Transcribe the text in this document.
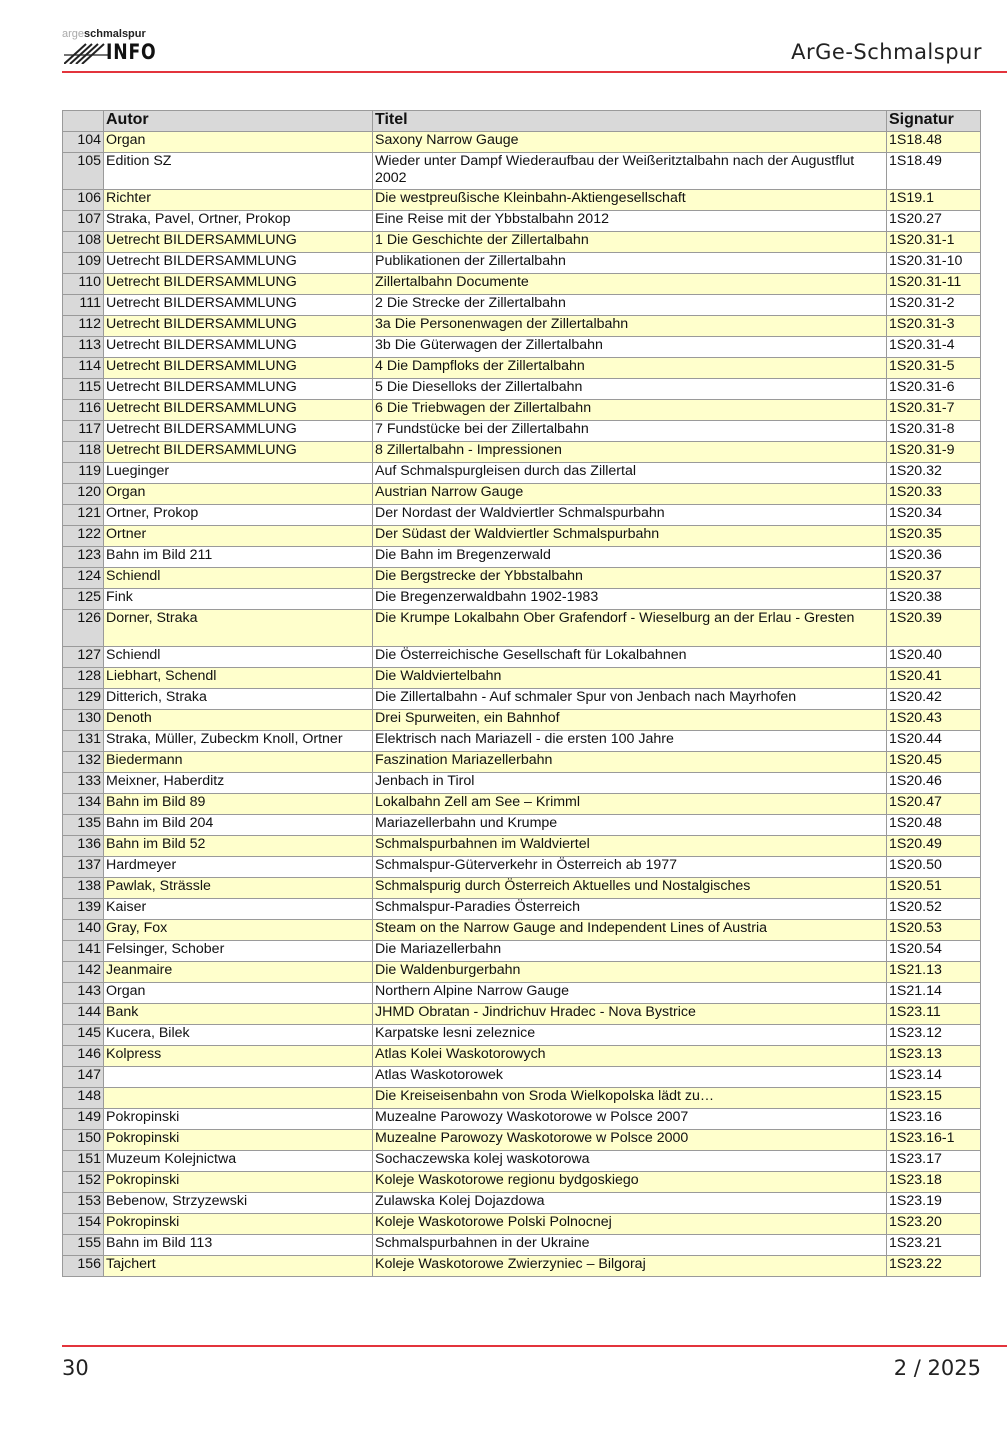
argeschmalspur
INFO	ArGe-Schmalspur
	Autor	Titel	Signatur
104	Organ	Saxony Narrow Gauge	1S18.48
105	Edition SZ	Wieder unter Dampf Wiederaufbau der Weißeritztalbahn nach der Augustflut 2002	1S18.49
106	Richter	Die westpreußische Kleinbahn-Aktiengesellschaft	1S19.1
107	Straka, Pavel, Ortner, Prokop	Eine Reise mit der Ybbstalbahn 2012	1S20.27
108	Uetrecht BILDERSAMMLUNG	1 Die Geschichte der Zillertalbahn	1S20.31-1
109	Uetrecht BILDERSAMMLUNG	Publikationen der Zillertalbahn	1S20.31-10
110	Uetrecht BILDERSAMMLUNG	Zillertalbahn Documente	1S20.31-11
111	Uetrecht BILDERSAMMLUNG	2 Die Strecke der Zillertalbahn	1S20.31-2
112	Uetrecht BILDERSAMMLUNG	3a Die Personenwagen der Zillertalbahn	1S20.31-3
113	Uetrecht BILDERSAMMLUNG	3b Die Güterwagen der Zillertalbahn	1S20.31-4
114	Uetrecht BILDERSAMMLUNG	4 Die Dampfloks der Zillertalbahn	1S20.31-5
115	Uetrecht BILDERSAMMLUNG	5 Die Dieselloks der Zillertalbahn	1S20.31-6
116	Uetrecht BILDERSAMMLUNG	6 Die Triebwagen der Zillertalbahn	1S20.31-7
117	Uetrecht BILDERSAMMLUNG	7 Fundstücke bei der Zillertalbahn	1S20.31-8
118	Uetrecht BILDERSAMMLUNG	8 Zillertalbahn - Impressionen	1S20.31-9
119	Lueginger	Auf Schmalspurgleisen durch das Zillertal	1S20.32
120	Organ	Austrian Narrow Gauge	1S20.33
121	Ortner, Prokop	Der Nordast der Waldviertler Schmalspurbahn	1S20.34
122	Ortner	Der Südast der Waldviertler Schmalspurbahn	1S20.35
123	Bahn im Bild 211	Die Bahn im Bregenzerwald	1S20.36
124	Schiendl	Die Bergstrecke der Ybbstalbahn	1S20.37
125	Fink	Die Bregenzerwaldbahn 1902-1983	1S20.38
126	Dorner, Straka	Die Krumpe Lokalbahn Ober Grafendorf - Wieselburg an der Erlau - Gresten	1S20.39
127	Schiendl	Die Österreichische Gesellschaft für Lokalbahnen	1S20.40
128	Liebhart, Schendl	Die Waldviertelbahn	1S20.41
129	Ditterich, Straka	Die Zillertalbahn - Auf schmaler Spur von Jenbach nach Mayrhofen	1S20.42
130	Denoth	Drei Spurweiten, ein Bahnhof	1S20.43
131	Straka, Müller, Zubeckm Knoll, Ortner	Elektrisch nach Mariazell - die ersten 100 Jahre	1S20.44
132	Biedermann	Faszination Mariazellerbahn	1S20.45
133	Meixner, Haberditz	Jenbach in Tirol	1S20.46
134	Bahn im Bild 89	Lokalbahn Zell am See – Krimml	1S20.47
135	Bahn im Bild 204	Mariazellerbahn und Krumpe	1S20.48
136	Bahn im Bild 52	Schmalspurbahnen im Waldviertel	1S20.49
137	Hardmeyer	Schmalspur-Güterverkehr in Österreich ab 1977	1S20.50
138	Pawlak, Strässle	Schmalspurig durch Österreich Aktuelles und Nostalgisches	1S20.51
139	Kaiser	Schmalspur-Paradies Österreich	1S20.52
140	Gray, Fox	Steam on the Narrow Gauge and Independent Lines of Austria	1S20.53
141	Felsinger, Schober	Die Mariazellerbahn	1S20.54
142	Jeanmaire	Die Waldenburgerbahn	1S21.13
143	Organ	Northern Alpine Narrow Gauge	1S21.14
144	Bank	JHMD Obratan - Jindrichuv Hradec - Nova Bystrice	1S23.11
145	Kucera, Bilek	Karpatske lesni zeleznice	1S23.12
146	Kolpress	Atlas Kolei Waskotorowych	1S23.13
147		Atlas Waskotorowek	1S23.14
148		Die Kreiseisenbahn von Sroda Wielkopolska lädt zu…	1S23.15
149	Pokropinski	Muzealne Parowozy Waskotorowe w Polsce 2007	1S23.16
150	Pokropinski	Muzealne Parowozy Waskotorowe w Polsce 2000	1S23.16-1
151	Muzeum Kolejnictwa	Sochaczewska kolej waskotorowa	1S23.17
152	Pokropinski	Koleje Waskotorowe regionu bydgoskiego	1S23.18
153	Bebenow, Strzyzewski	Zulawska Kolej Dojazdowa	1S23.19
154	Pokropinski	Koleje Waskotorowe Polski Polnocnej	1S23.20
155	Bahn im Bild 113	Schmalspurbahnen in der Ukraine	1S23.21
156	Tajchert	Koleje Waskotorowe Zwierzyniec – Bilgoraj	1S23.22
30	2 / 2025
